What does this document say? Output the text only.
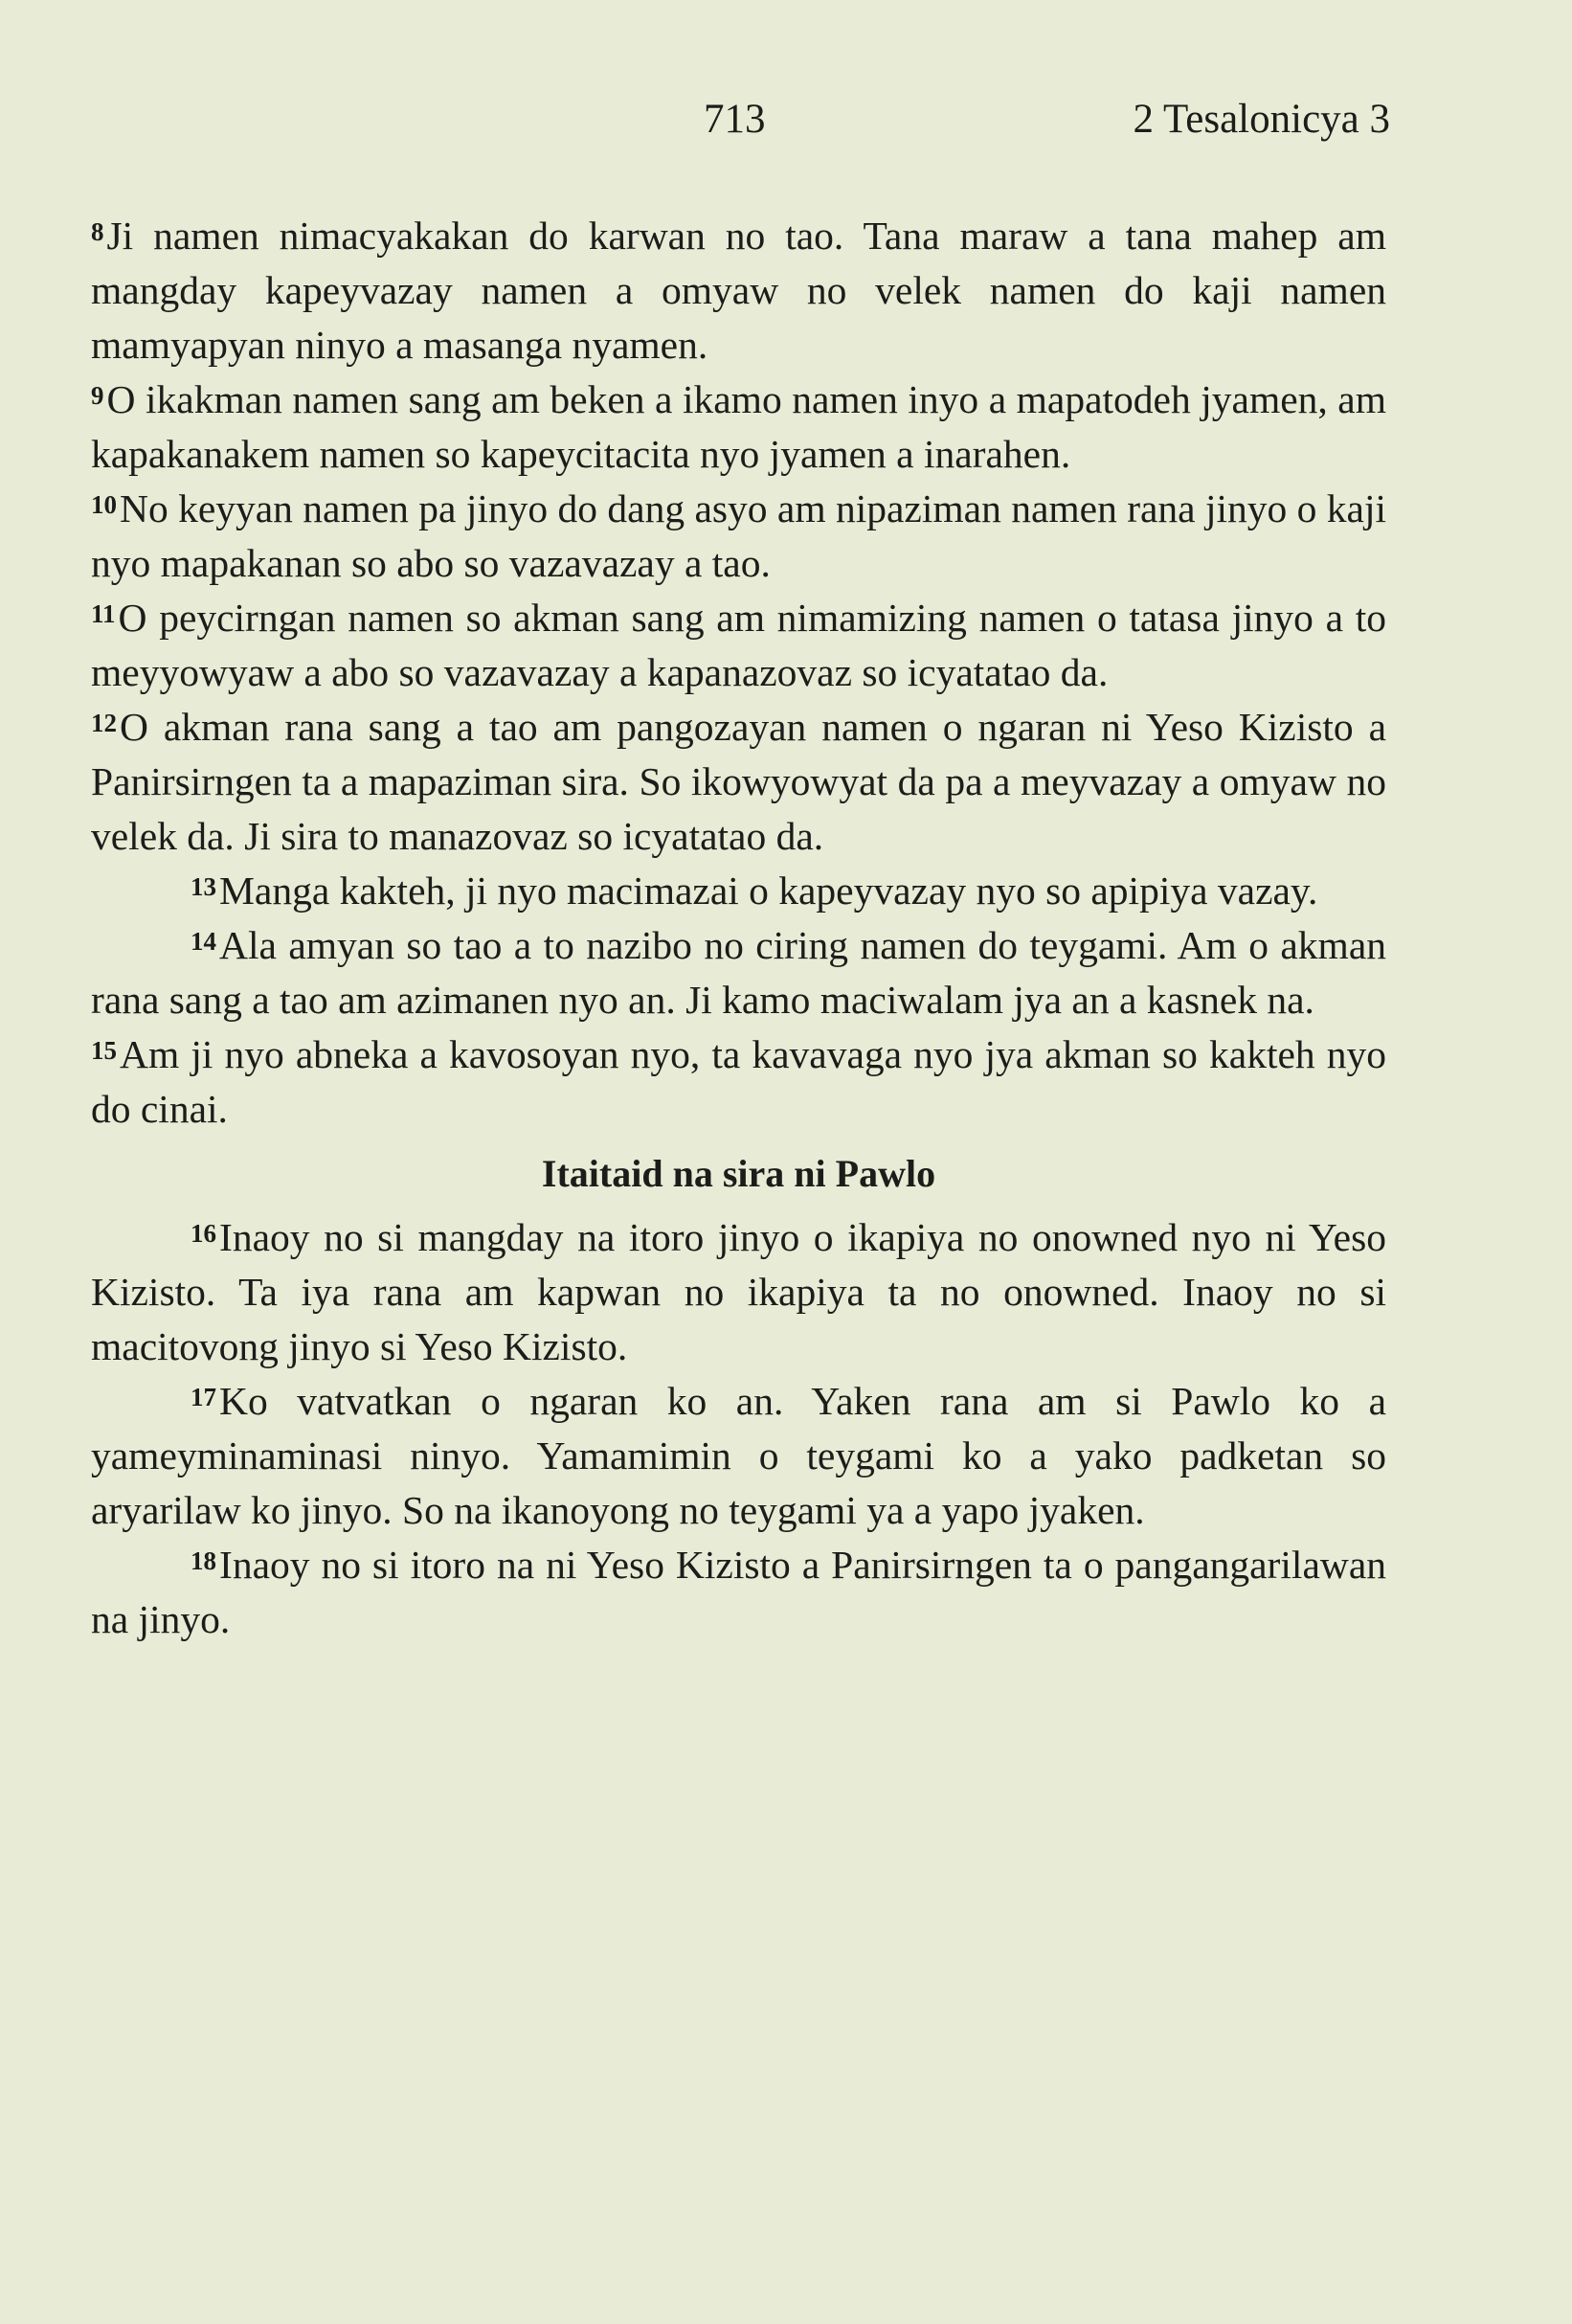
713	2 Tesalonicya 3

$^8$Ji namen nimacyakakan do karwan no tao. Tana maraw a tana mahep am mangday kapeyvazay namen a omyaw no velek namen do kaji namen mamyapyan ninyo a masanga nyamen.

$^9$O ikakman namen sang am beken a ikamo namen inyo a mapatodeh jyamen, am kapakanakem namen so kapeycitacita nyo jyamen a inarahen.

$^{10}$No keyyan namen pa jinyo do dang asyo am nipaziman namen rana jinyo o kaji nyo mapakanan so abo so vazavazay a tao.

$^{11}$O peycirngan namen so akman sang am nimamizing namen o tatasa jinyo a to meyyowyaw a abo so vazavazay a kapanazovaz so icyatatao da.

$^{12}$O akman rana sang a tao am pangozayan namen o ngaran ni Yeso Kizisto a Panirsirngen ta a mapaziman sira. So ikowyowyat da pa a meyvazay a omyaw no velek da. Ji sira to manazovaz so icyatatao da.

$^{13}$Manga kakteh, ji nyo macimazai o kapeyvazay nyo so apipiya vazay.

$^{14}$Ala amyan so tao a to nazibo no ciring namen do teygami. Am o akman rana sang a tao am azimanen nyo an. Ji kamo maciwalam jya an a kasnek na.

$^{15}$Am ji nyo abneka a kavosoyan nyo, ta kavavaga nyo jya akman so kakteh nyo do cinai.

Itaitaid na sira ni Pawlo

$^{16}$Inaoy no si mangday na itoro jinyo o ikapiya no onowned nyo ni Yeso Kizisto. Ta iya rana am kapwan no ikapiya ta no onowned. Inaoy no si macitovong jinyo si Yeso Kizisto.

$^{17}$Ko vatvatkan o ngaran ko an. Yaken rana am si Pawlo ko a yameyminaminasi ninyo. Yamamimin o teygami ko a yako padketan so aryarilaw ko jinyo. So na ikanoyong no teygami ya a yapo jyaken.

$^{18}$Inaoy no si itoro na ni Yeso Kizisto a Panirsirngen ta o pangangarilawan na jinyo.
